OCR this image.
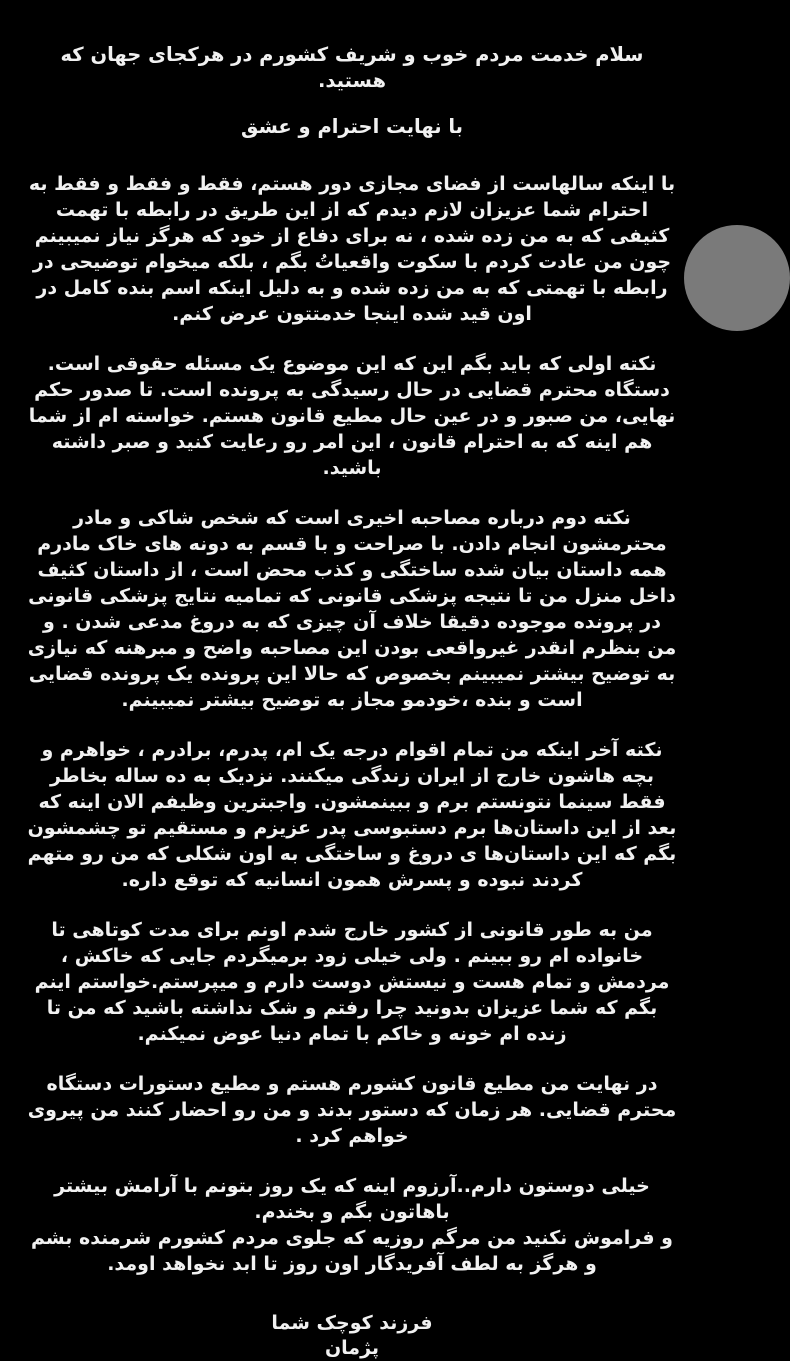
سلام خدمت مردم خوب و شریف کشورم در هرکجای جهان که هستید.
با نهایت احترام و عشق
با اینکه سالهاست از فضای مجازی دور هستم، فقط و فقط و فقط به احترام شما عزیزان لازم دیدم که از این طریق در رابطه با تهمت کثیفی که به من زده شده ، نه برای دفاع از خود که هرگز نیاز نمیبینم چون من عادت کردم با سکوت واقعیاتُ بگم ، بلکه میخوام توضیحی در رابطه با تهمتی که به من زده شده و به دلیل اینکه اسم بنده کامل در اون قید شده اینجا خدمتتون عرض کنم.
نکته اولی که باید بگم این که این موضوع یک مسئله حقوقی است. دستگاه محترم قضایی در حال رسیدگی به پرونده است. تا صدور حکم نهایی، من صبور و در عین حال مطیع قانون هستم. خواسته ام از شما هم اینه که به احترام قانون ، این امر رو رعایت کنید و صبر داشته باشید.
نکته دوم درباره مصاحبه اخیری است که شخص شاکی و مادر محترمشون انجام دادن. با صراحت و با قسم به دونه های خاک مادرم همه داستان بیان شده ساختگی و کذب محض است ، از داستان کثیف داخل منزل من تا نتیجه پزشکی قانونی که تمامیه نتایج پزشکی قانونی در پرونده موجوده دقیقا خلاف آن چیزی که به دروغ مدعی شدن . و من بنظرم انقدر غیرواقعی بودن این مصاحبه واضح و مبرهنه که نیازی به توضیح بیشتر نمیبینم بخصوص که حالا این پرونده یک پرونده قضایی است و بنده ،خودمو مجاز به توضیح بیشتر نمیبینم.
نکته آخر اینکه من تمام اقوام درجه یک ام، پدرم، برادرم ، خواهرم و بچه هاشون خارج از ایران زندگی میکنند. نزدیک به ده ساله بخاطر فقط سینما نتونستم برم و ببینمشون. واجبترین وظیفم الان اینه که بعد از این داستان‌ها برم دستبوسی پدر عزیزم و مستقیم تو چشمشون بگم که این داستان‌ها ی دروغ و ساختگی به اون شکلی که من رو متهم کردند نبوده و پسرش همون انسانیه که توقع داره.
من به طور قانونی از کشور خارج شدم اونم برای مدت کوتاهی تا خانواده ام رو ببینم . ولی خیلی زود برمیگردم جایی که خاکش ، مردمش و تمام هست و نیستش دوست دارم و میپرستم.خواستم اینم بگم که شما عزیزان بدونید چرا رفتم و شک نداشته باشید که من تا زنده ام خونه و خاکم با تمام دنیا عوض نمیکنم.
در نهایت من مطیع قانون کشورم هستم و مطیع دستورات دستگاه محترم قضایی. هر زمان که دستور بدند و من رو احضار کنند من پیروی خواهم کرد .
خیلی دوستون دارم..آرزوم اینه که یک روز بتونم با آرامش بیشتر باهاتون بگم و بخندم.
و فراموش نکنید من مرگم روزیه که جلوی مردم کشورم شرمنده بشم و هرگز به لطف آفریدگار اون روز تا ابد نخواهد اومد.
فرزند کوچک شما
پژمان
